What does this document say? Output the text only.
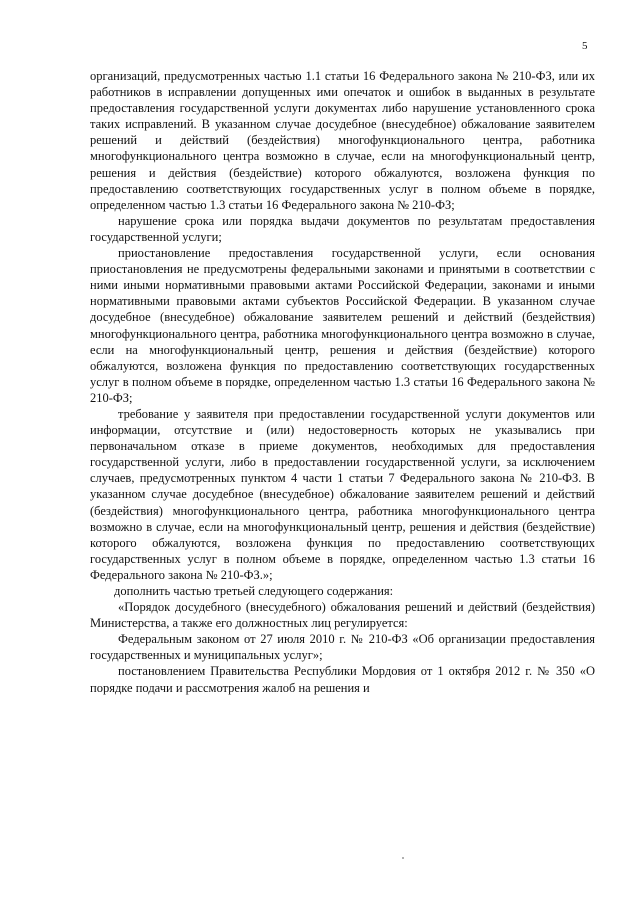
5

организаций, предусмотренных частью 1.1 статьи 16 Федерального закона № 210-ФЗ, или их работников в исправлении допущенных ими опечаток и ошибок в выданных в результате предоставления государственной услуги документах либо нарушение установленного срока таких исправлений. В указанном случае досудебное (внесудебное) обжалование заявителем решений и действий (бездействия) многофункционального центра, работника многофункционального центра возможно в случае, если на многофункциональный центр, решения и действия (бездействие) которого обжалуются, возложена функция по предоставлению соответствующих государственных услуг в полном объеме в порядке, определенном частью 1.3 статьи 16 Федерального закона № 210-ФЗ;

нарушение срока или порядка выдачи документов по результатам предоставления государственной услуги;

приостановление предоставления государственной услуги, если основания приостановления не предусмотрены федеральными законами и принятыми в соответствии с ними иными нормативными правовыми актами Российской Федерации, законами и иными нормативными правовыми актами субъектов Российской Федерации. В указанном случае досудебное (внесудебное) обжалование заявителем решений и действий (бездействия) многофункционального центра, работника многофункционального центра возможно в случае, если на многофункциональный центр, решения и действия (бездействие) которого обжалуются, возложена функция по предоставлению соответствующих государственных услуг в полном объеме в порядке, определенном частью 1.3 статьи 16 Федерального закона № 210-ФЗ;

требование у заявителя при предоставлении государственной услуги документов или информации, отсутствие и (или) недостоверность которых не указывались при первоначальном отказе в приеме документов, необходимых для предоставления государственной услуги, либо в предоставлении государственной услуги, за исключением случаев, предусмотренных пунктом 4 части 1 статьи 7 Федерального закона № 210-ФЗ. В указанном случае досудебное (внесудебное) обжалование заявителем решений и действий (бездействия) многофункционального центра, работника многофункционального центра возможно в случае, если на многофункциональный центр, решения и действия (бездействие) которого обжалуются, возложена функция по предоставлению соответствующих государственных услуг в полном объеме в порядке, определенном частью 1.3 статьи 16 Федерального закона № 210-ФЗ.»;

дополнить частью третьей следующего содержания:

«Порядок досудебного (внесудебного) обжалования решений и действий (бездействия) Министерства, а также его должностных лиц регулируется:

Федеральным законом от 27 июля 2010 г. № 210-ФЗ «Об организации предоставления государственных и муниципальных услуг»;

постановлением Правительства Республики Мордовия от 1 октября 2012 г. № 350 «О порядке подачи и рассмотрения жалоб на решения и
